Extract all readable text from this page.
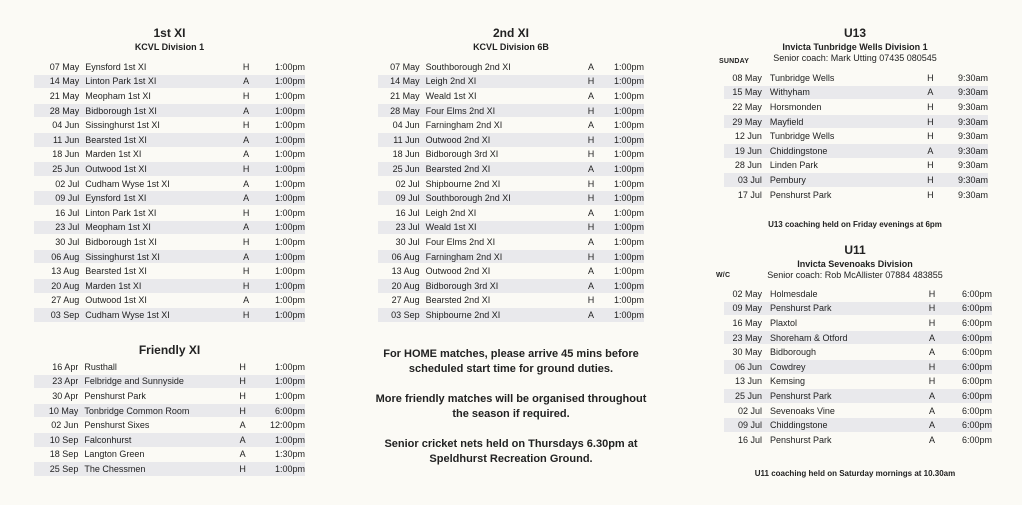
1st XI
KCVL Division 1
07 May	Eynsford 1st XI	H	1:00pm
14 May	Linton Park 1st XI	A	1:00pm
21 May	Meopham 1st XI	H	1:00pm
28 May	Bidborough 1st XI	A	1:00pm
04 Jun	Sissinghurst 1st XI	H	1:00pm
11 Jun	Bearsted 1st XI	A	1:00pm
18 Jun	Marden 1st XI	A	1:00pm
25 Jun	Outwood 1st XI	H	1:00pm
02 Jul	Cudham Wyse 1st XI	A	1:00pm
09 Jul	Eynsford 1st XI	A	1:00pm
16 Jul	Linton Park 1st XI	H	1:00pm
23 Jul	Meopham 1st XI	A	1:00pm
30 Jul	Bidborough 1st XI	H	1:00pm
06 Aug	Sissinghurst 1st XI	A	1:00pm
13 Aug	Bearsted 1st XI	H	1:00pm
20 Aug	Marden 1st XI	H	1:00pm
27 Aug	Outwood 1st XI	A	1:00pm
03 Sep	Cudham Wyse 1st XI	H	1:00pm
Friendly XI
16 Apr	Rusthall	H	1:00pm
23 Apr	Felbridge and Sunnyside	H	1:00pm
30 Apr	Penshurst Park	H	1:00pm
10 May	Tonbridge Common Room	H	6:00pm
02 Jun	Penshurst Sixes	A	12:00pm
10 Sep	Falconhurst	A	1:00pm
18 Sep	Langton Green	A	1:30pm
25 Sep	The Chessmen	H	1:00pm
2nd XI
KCVL Division 6B
07 May	Southborough 2nd XI	A	1:00pm
14 May	Leigh 2nd XI	H	1:00pm
21 May	Weald 1st XI	A	1:00pm
28 May	Four Elms 2nd XI	H	1:00pm
04 Jun	Farningham 2nd XI	A	1:00pm
11 Jun	Outwood 2nd XI	H	1:00pm
18 Jun	Bidborough 3rd XI	H	1:00pm
25 Jun	Bearsted 2nd XI	A	1:00pm
02 Jul	Shipbourne 2nd XI	H	1:00pm
09 Jul	Southborough 2nd XI	H	1:00pm
16 Jul	Leigh 2nd XI	A	1:00pm
23 Jul	Weald 1st XI	H	1:00pm
30 Jul	Four Elms 2nd XI	A	1:00pm
06 Aug	Farningham 2nd XI	H	1:00pm
13 Aug	Outwood 2nd XI	A	1:00pm
20 Aug	Bidborough 3rd XI	A	1:00pm
27 Aug	Bearsted 2nd XI	H	1:00pm
03 Sep	Shipbourne 2nd XI	A	1:00pm
For HOME matches, please arrive 45 mins before scheduled start time for ground duties.
More friendly matches will be organised throughout the season if required.
Senior cricket nets held on Thursdays 6.30pm at Speldhurst Recreation Ground.
U13
Invicta Tunbridge Wells Division 1
Senior coach: Mark Utting 07435 080545
SUNDAY
08 May	Tunbridge Wells	H	9:30am
15 May	Withyham	A	9:30am
22 May	Horsmonden	H	9:30am
29 May	Mayfield	H	9:30am
12 Jun	Tunbridge Wells	H	9:30am
19 Jun	Chiddingstone	A	9:30am
28 Jun	Linden Park	H	9:30am
03 Jul	Pembury	H	9:30am
17 Jul	Penshurst Park	H	9:30am
U13 coaching held on Friday evenings at 6pm
U11
Invicta Sevenoaks Division
Senior coach: Rob McAllister 07884 483855
W/C
02 May	Holmesdale	H	6:00pm
09 May	Penshurst Park	H	6:00pm
16 May	Plaxtol	H	6:00pm
23 May	Shoreham & Otford	A	6:00pm
30 May	Bidborough	A	6:00pm
06 Jun	Cowdrey	H	6:00pm
13 Jun	Kemsing	H	6:00pm
25 Jun	Penshurst Park	A	6:00pm
02 Jul	Sevenoaks Vine	A	6:00pm
09 Jul	Chiddingstone	A	6:00pm
16 Jul	Penshurst Park	A	6:00pm
U11 coaching held on Saturday mornings at 10.30am
